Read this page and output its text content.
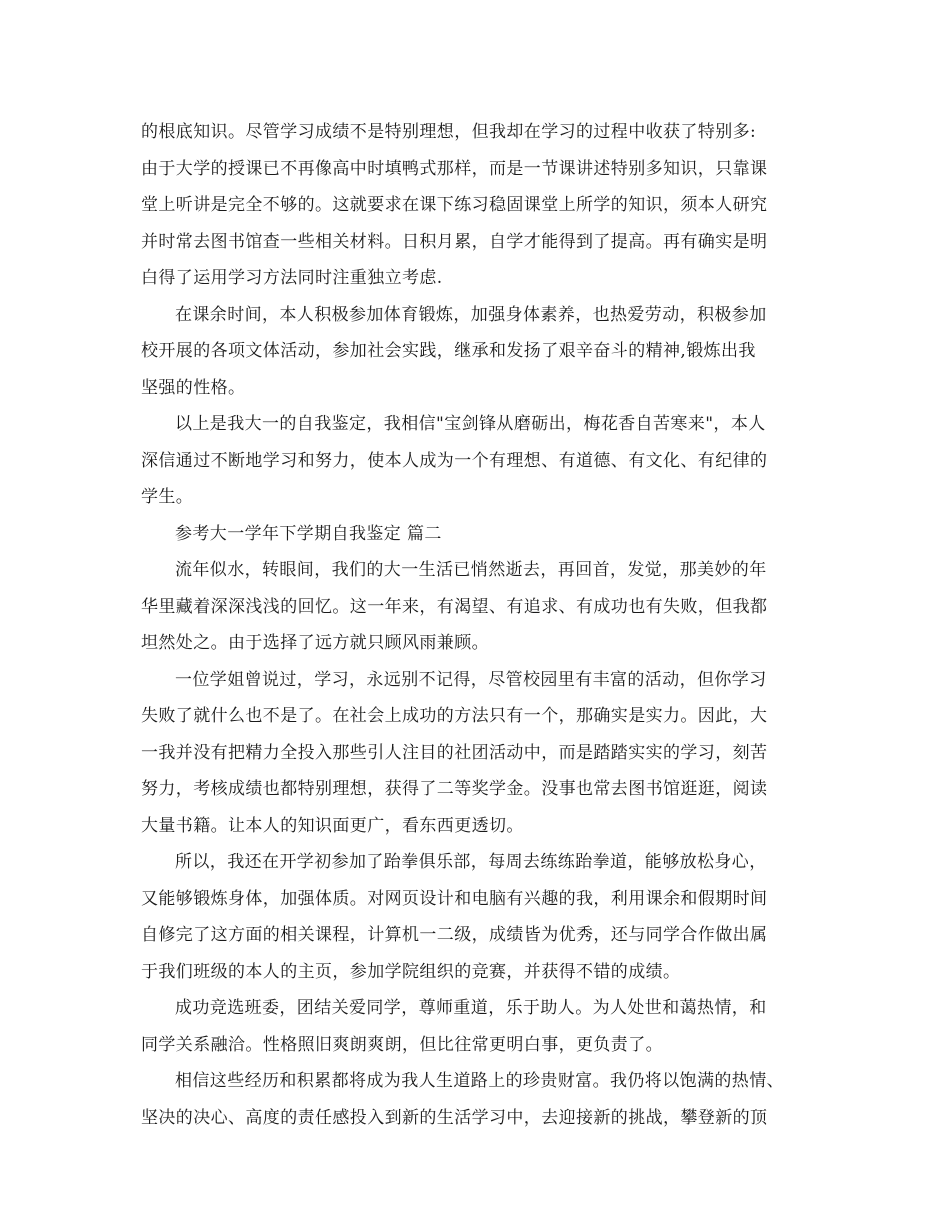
的根底知识。尽管学习成绩不是特别理想，但我却在学习的过程中收获了特别多:
由于大学的授课已不再像高中时填鸭式那样，而是一节课讲述特别多知识，只靠课
堂上听讲是完全不够的。这就要求在课下练习稳固课堂上所学的知识，须本人研究
并时常去图书馆查一些相关材料。日积月累，自学才能得到了提高。再有确实是明
白得了运用学习方法同时注重独立考虑.
在课余时间，本人积极参加体育锻炼，加强身体素养，也热爱劳动，积极参加
校开展的各项文体活动，参加社会实践，继承和发扬了艰辛奋斗的精神,锻炼出我
坚强的性格。
以上是我大一的自我鉴定，我相信"宝剑锋从磨砺出，梅花香自苦寒来"，本人
深信通过不断地学习和努力，使本人成为一个有理想、有道德、有文化、有纪律的
学生。
参考大一学年下学期自我鉴定 篇二
流年似水，转眼间，我们的大一生活已悄然逝去，再回首，发觉，那美妙的年
华里藏着深深浅浅的回忆。这一年来，有渴望、有追求、有成功也有失败，但我都
坦然处之。由于选择了远方就只顾风雨兼顾。
一位学姐曾说过，学习，永远别不记得，尽管校园里有丰富的活动，但你学习
失败了就什么也不是了。在社会上成功的方法只有一个，那确实是实力。因此，大
一我并没有把精力全投入那些引人注目的社团活动中，而是踏踏实实的学习，刻苦
努力，考核成绩也都特别理想，获得了二等奖学金。没事也常去图书馆逛逛，阅读
大量书籍。让本人的知识面更广，看东西更透切。
所以，我还在开学初参加了跆拳俱乐部，每周去练练跆拳道，能够放松身心，
又能够锻炼身体，加强体质。对网页设计和电脑有兴趣的我，利用课余和假期时间
自修完了这方面的相关课程，计算机一二级，成绩皆为优秀，还与同学合作做出属
于我们班级的本人的主页，参加学院组织的竞赛，并获得不错的成绩。
成功竞选班委，团结关爱同学，尊师重道，乐于助人。为人处世和蔼热情，和
同学关系融洽。性格照旧爽朗爽朗，但比往常更明白事，更负责了。
相信这些经历和积累都将成为我人生道路上的珍贵财富。我仍将以饱满的热情、
坚决的决心、高度的责任感投入到新的生活学习中，去迎接新的挑战，攀登新的顶
